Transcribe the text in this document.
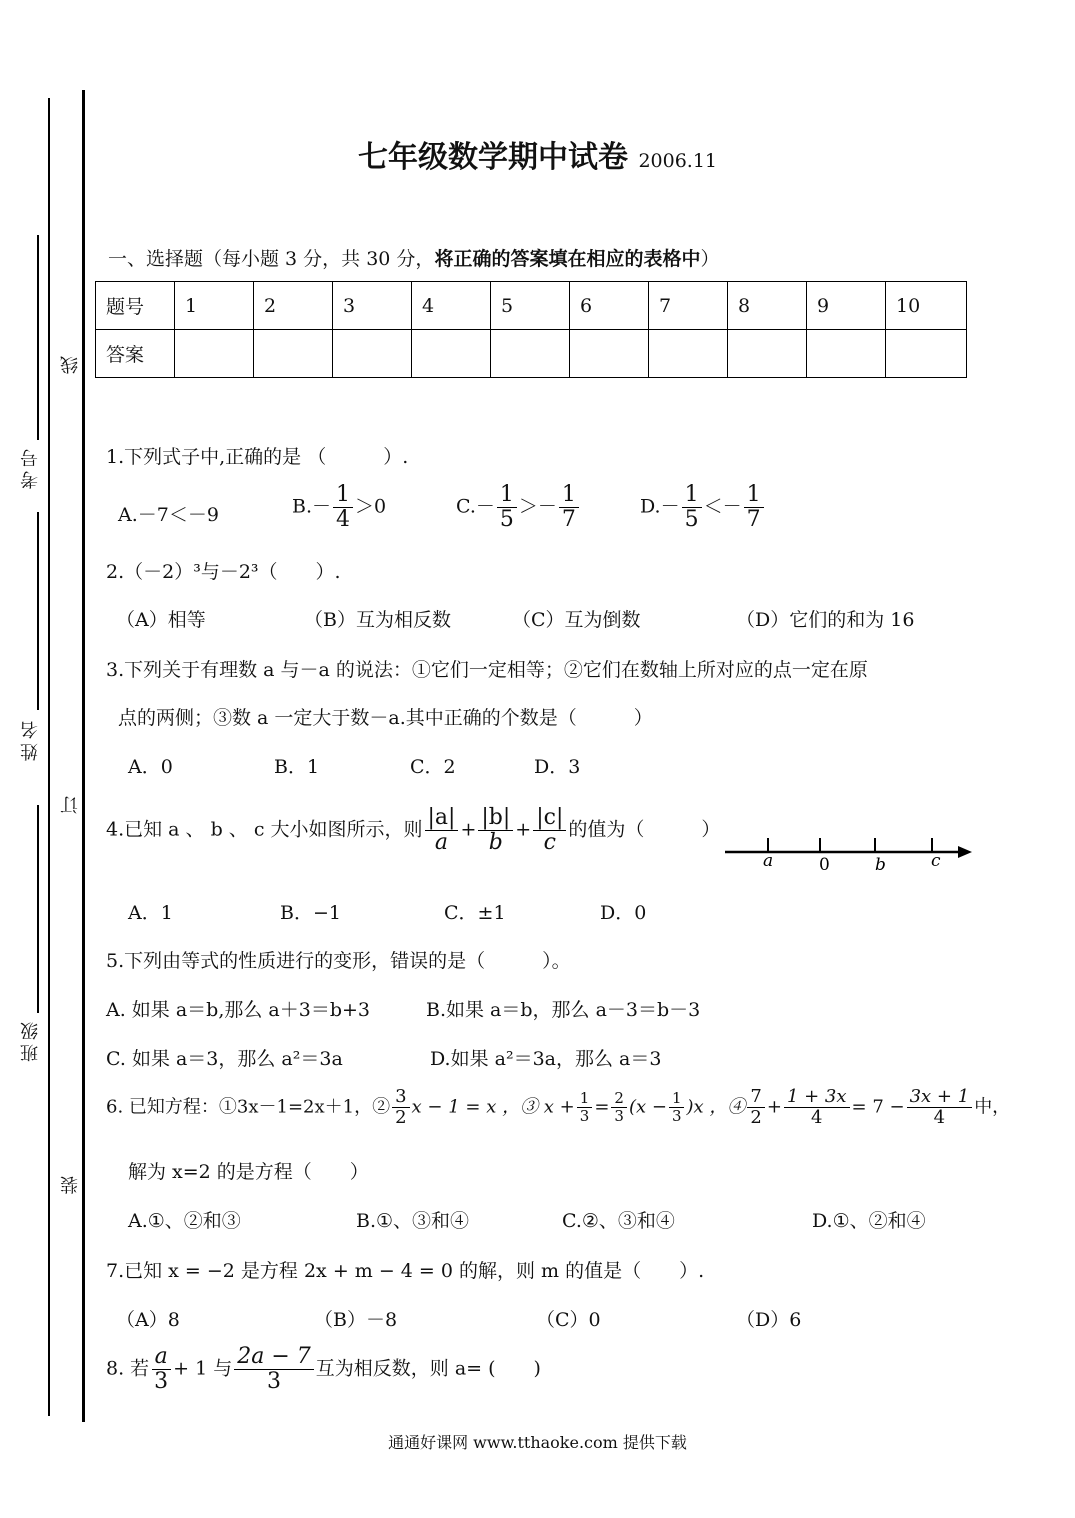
考号
姓名
班级
线
订
装
七年级数学期中试卷 2006.11
一、选择题（每小题 3 分，共 30 分，将正确的答案填在相应的表格中）
题号	1	2	3	4	5	6	7	8	9	10
答案										
1.下列式子中,正确的是 （　　　）.
A.－7＜－9	$B.- \frac{1}{4} >0$	$C.- \frac{1}{5} >- \frac{1}{7}$	$D.- \frac{1}{5} <- \frac{1}{7}$
2.（－2）³与－2³（　　）.
（A）相等	（B）互为相反数	（C）互为倒数	（D）它们的和为 16
3.下列关于有理数 a 与－a 的说法：①它们一定相等；②它们在数轴上所对应的点一定在原
点的两侧；③数 a 一定大于数－a.其中正确的个数是（　　　）
A．0	B．1	C．2	D．3
4.已知 a 、 b 、 c 大小如图所示，则 $\frac{|a|}{a} + \frac{|b|}{b} + \frac{|c|}{c}$ 的值为（　　　）
a	0	b	c
A．1	B．−1	C．±1	D．0
5.下列由等式的性质进行的变形，错误的是（　　　）。
A. 如果 a＝b,那么 a＋3＝b+3	B.如果 a＝b，那么 a－3＝b－3
C. 如果 a＝3，那么 a²＝3a	D.如果 a²＝3a，那么 a＝3
6. 已知方程：①3x－1=2x＋1，② $\frac{3}{2}$ x − 1 = x ，③ $x + \frac{1}{3} = \frac{2}{3} (x - \frac{1}{3} )x$ ，④ $\frac{7}{2} + \frac{1 + 3x}{4} = 7 - \frac{3x + 1}{4}$ 中，
解为 x=2 的是方程（　　）
A.①、②和③	B.①、③和④	C.②、③和④	D.①、②和④
7.已知 x = −2 是方程 2x + m − 4 = 0 的解，则 m 的值是（　　）.
（A）8	（B）－8	（C）0	（D）6
8. 若 $\frac{a}{3} + 1$ 与 $\frac{2a - 7}{3}$ 互为相反数，则 a= (　　)
通通好课网 www.tthaoke.com 提供下载
